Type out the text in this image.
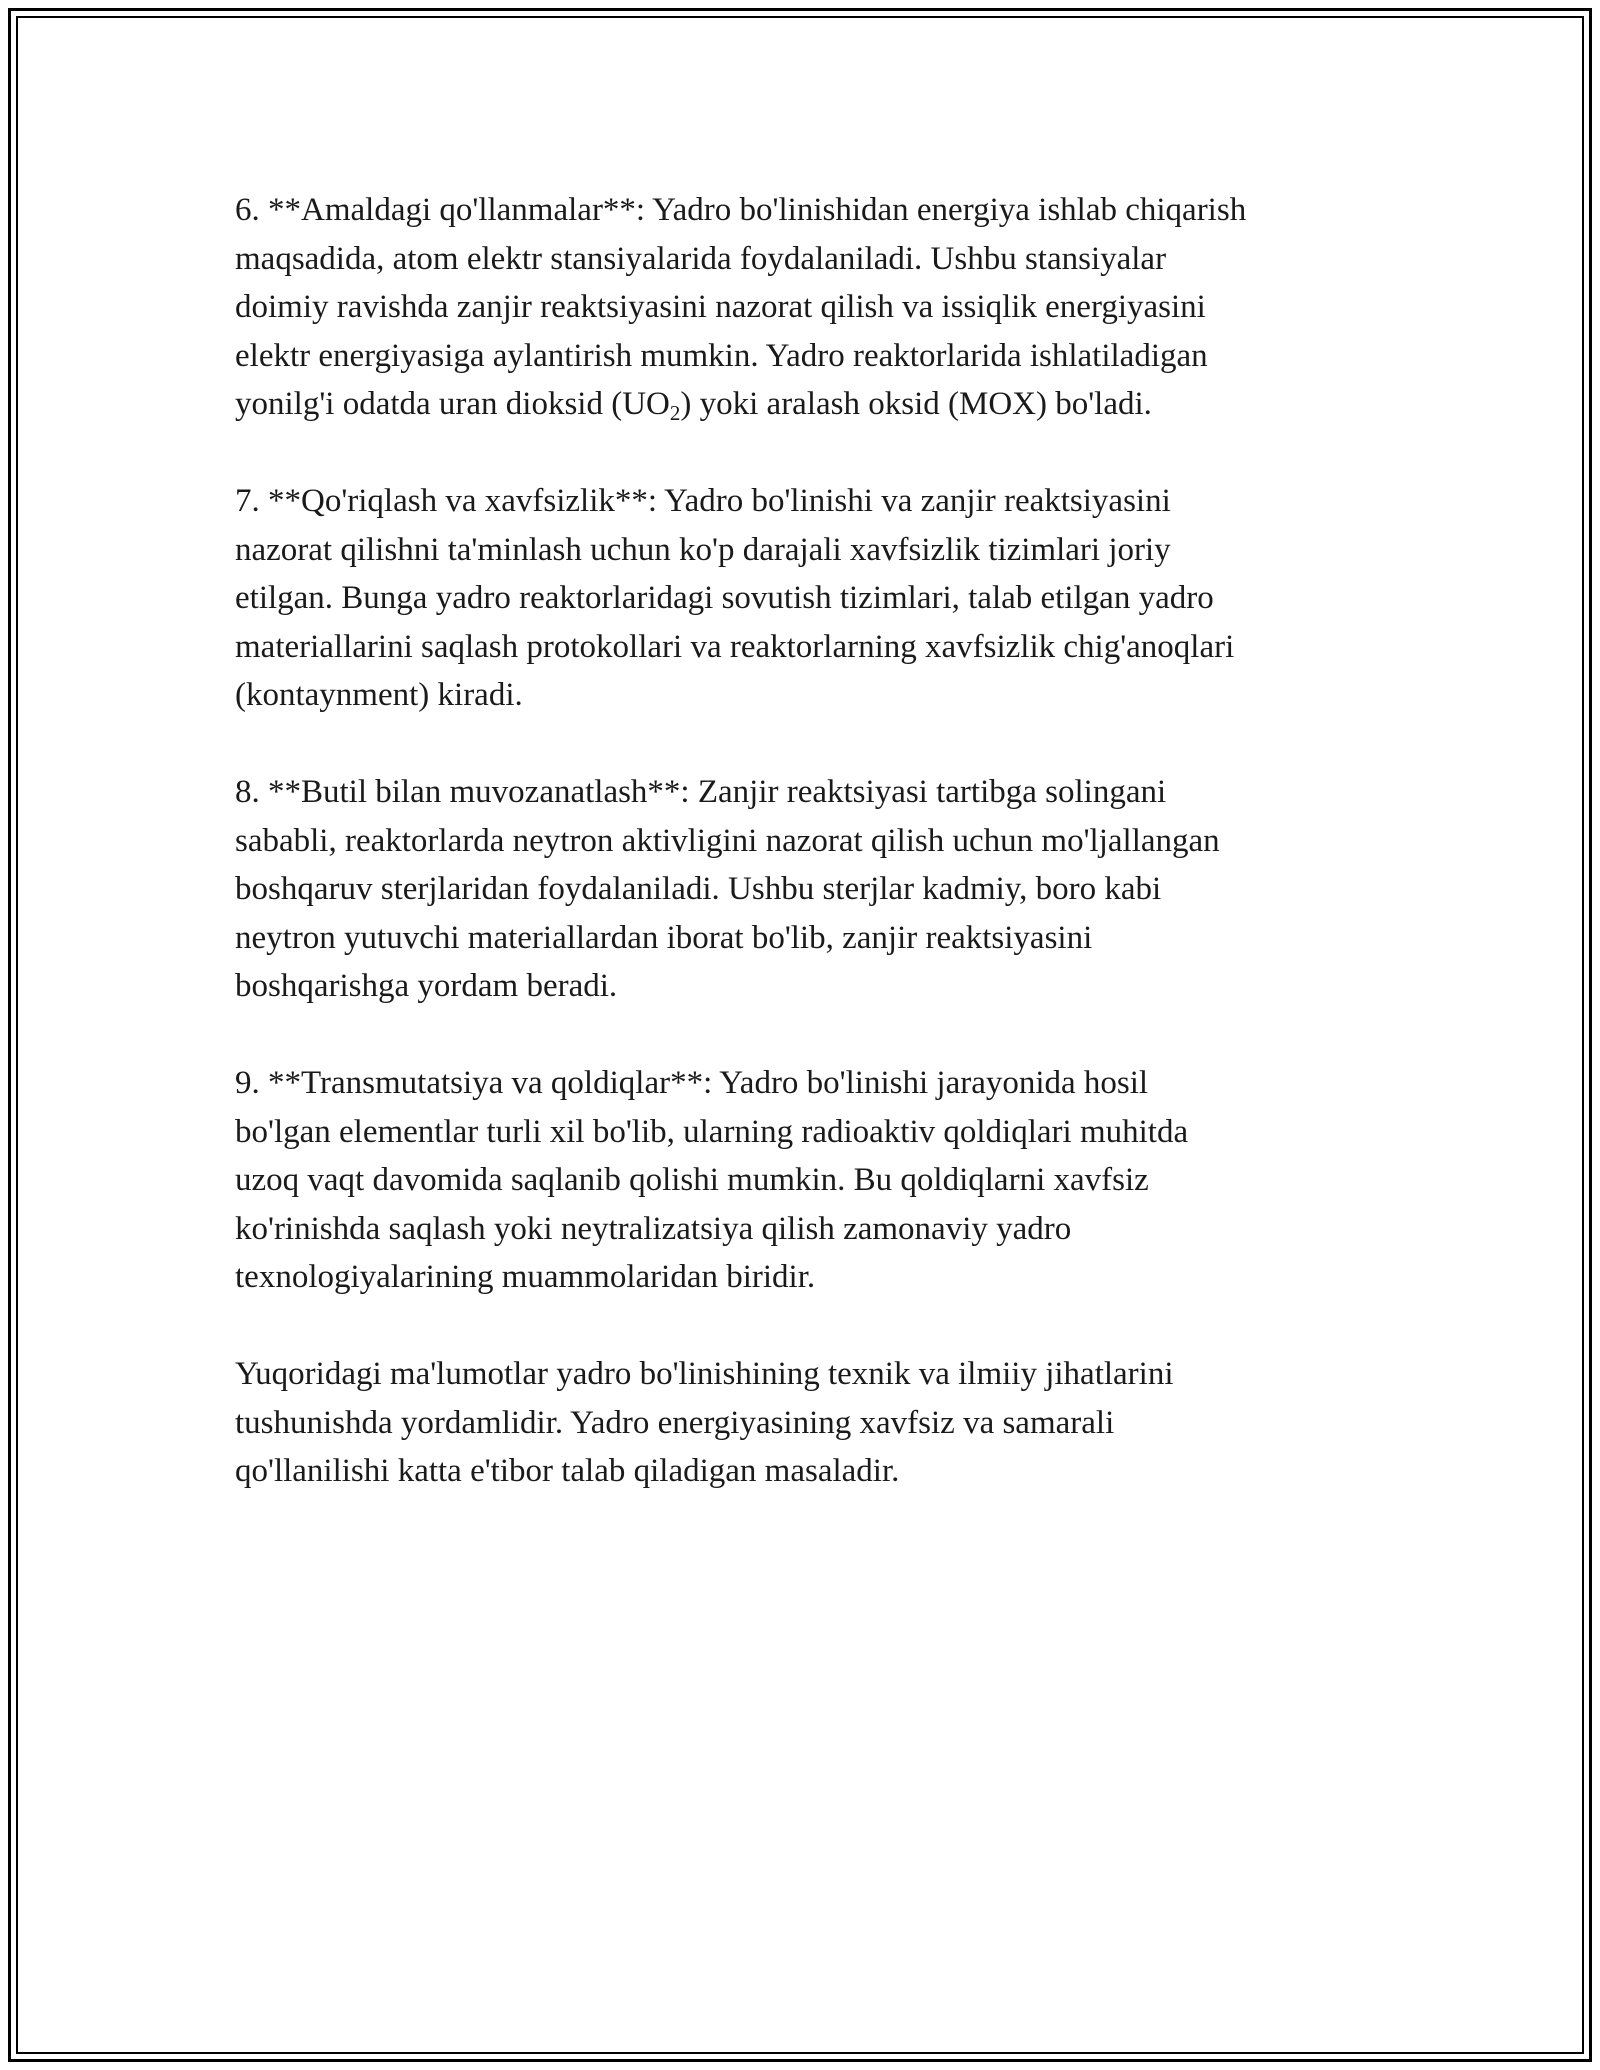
6. **Amaldagi qo'llanmalar**: Yadro bo'linishidan energiya ishlab chiqarish
maqsadida, atom elektr stansiyalarida foydalaniladi. Ushbu stansiyalar
doimiy ravishda zanjir reaktsiyasini nazorat qilish va issiqlik energiyasini
elektr energiyasiga aylantirish mumkin. Yadro reaktorlarida ishlatiladigan
yonilg'i odatda uran dioksid $(UO_2)$ yoki aralash oksid (MOX) bo'ladi.

7. **Qo'riqlash va xavfsizlik**: Yadro bo'linishi va zanjir reaktsiyasini
nazorat qilishni ta'minlash uchun ko'p darajali xavfsizlik tizimlari joriy
etilgan. Bunga yadro reaktorlaridagi sovutish tizimlari, talab etilgan yadro
materiallarini saqlash protokollari va reaktorlarning xavfsizlik chig'anoqlari
(kontaynment) kiradi.

8. **Butil bilan muvozanatlash**: Zanjir reaktsiyasi tartibga solingani
sababli, reaktorlarda neytron aktivligini nazorat qilish uchun mo'ljallangan
boshqaruv sterjlaridan foydalaniladi. Ushbu sterjlar kadmiy, boro kabi
neytron yutuvchi materiallardan iborat bo'lib, zanjir reaktsiyasini
boshqarishga yordam beradi.

9. **Transmutatsiya va qoldiqlar**: Yadro bo'linishi jarayonida hosil
bo'lgan elementlar turli xil bo'lib, ularning radioaktiv qoldiqlari muhitda
uzoq vaqt davomida saqlanib qolishi mumkin. Bu qoldiqlarni xavfsiz
ko'rinishda saqlash yoki neytralizatsiya qilish zamonaviy yadro
texnologiyalarining muammolaridan biridir.

Yuqoridagi ma'lumotlar yadro bo'linishining texnik va ilmiiy jihatlarini
tushunishda yordamlidir. Yadro energiyasining xavfsiz va samarali
qo'llanilishi katta e'tibor talab qiladigan masaladir.
